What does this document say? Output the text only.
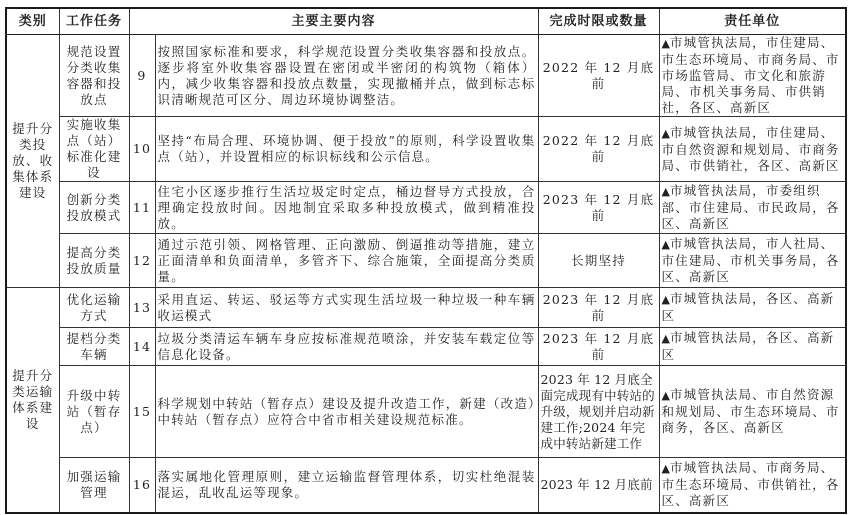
类别	工作任务	主要主要内容		完成时限或数量	责任单位
提升分类投放、收集体系建设	规范设置分类收集容器和投放点	9	按照国家标准和要求，科学规范设置分类收集容器和投放点。逐步将室外收集容器设置在密闭或半密闭的构筑物（箱体）内，减少收集容器和投放点数量，实现撤桶并点，做到标志标识清晰规范可区分、周边环境协调整洁。	2022 年 12 月底前	▲市城管执法局，市住建局、市生态环境局、市商务局、市市场监管局、市文化和旅游局、市机关事务局、市供销社，各区、高新区
	实施收集点（站）标准化建设	10	坚持“布局合理、环境协调、便于投放”的原则，科学设置收集点（站），并设置相应的标识标线和公示信息。	2022 年 12 月底前	▲市城管执法局，市住建局、市自然资源和规划局、市商务局、市供销社，各区、高新区
	创新分类投放模式	11	住宅小区逐步推行生活垃圾定时定点，桶边督导方式投放，合理确定投放时间。因地制宜采取多种投放模式，做到精准投放。	2023 年 12 月底前	▲市城管执法局，市委组织部、市住建局、市民政局，各区、高新区
	提高分类投放质量	12	通过示范引领、网格管理、正向激励、倒逼推动等措施，建立正面清单和负面清单，多管齐下、综合施策，全面提高分类质量。	长期坚持	▲市城管执法局，市人社局、市住建局、市机关事务局，各区、高新区
提升分类运输体系建设	优化运输方式	13	采用直运、转运、驳运等方式实现生活垃圾一种垃圾一种车辆收运模式	2023 年 12 月底前	▲市城管执法局，各区、高新区
	提档分类车辆	14	垃圾分类清运车辆车身应按标准规范喷涂，并安装车载定位等信息化设备。	2023 年 12 月底前	▲市城管执法局，各区、高新区
	升级中转站（暂存点）	15	科学规划中转站（暂存点）建设及提升改造工作，新建（改造）中转站（暂存点）应符合中省市相关建设规范标准。	2023 年 12 月底全面完成现有中转站的升级，规划并启动新建工作;2024 年完成中转站新建工作	▲市城管执法局、市自然资源和规划局、市生态环境局、市商务，各区、高新区
	加强运输管理	16	落实属地化管理原则，建立运输监督管理体系，切实杜绝混装混运，乱收乱运等现象。	2023 年 12 月底前	▲市城管执法局、市商务局、市生态环境局、市供销社，各区、高新区
